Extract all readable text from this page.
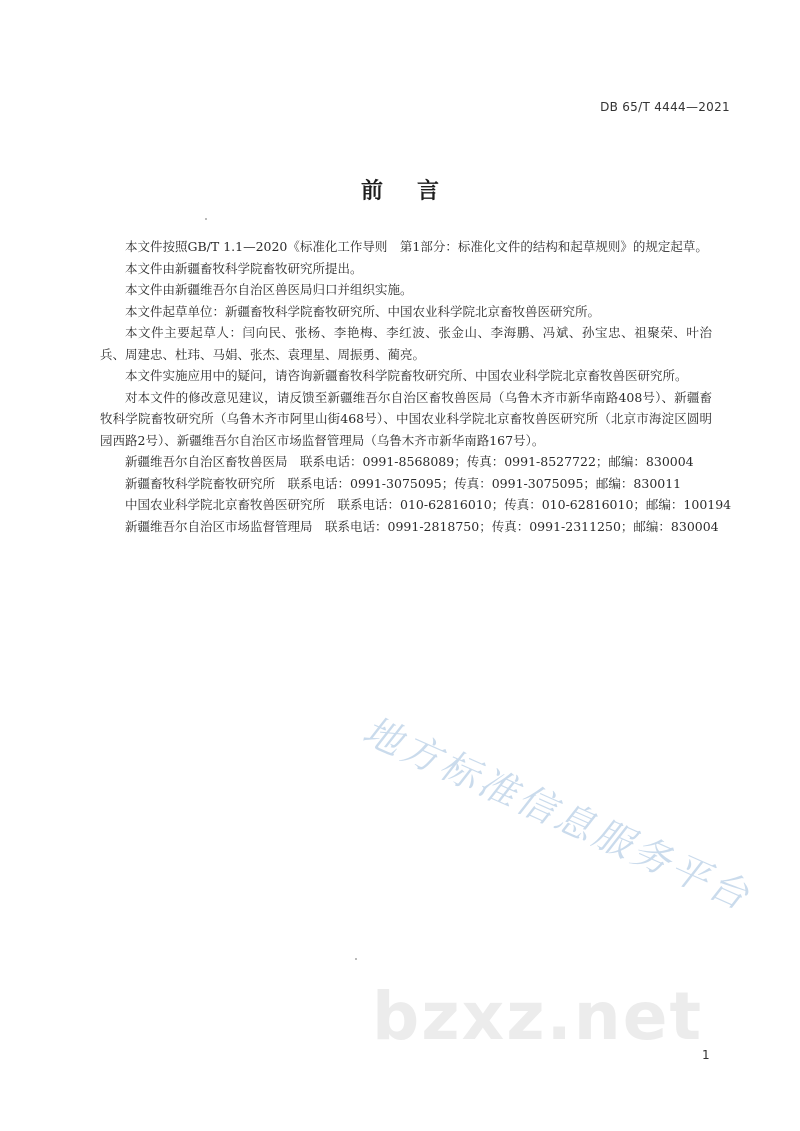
DB 65/T 4444—2021
前言

本文件按照GB/T 1.1—2020《标准化工作导则　第1部分：标准化文件的结构和起草规则》的规定起草。

本文件由新疆畜牧科学院畜牧研究所提出。

本文件由新疆维吾尔自治区兽医局归口并组织实施。

本文件起草单位：新疆畜牧科学院畜牧研究所、中国农业科学院北京畜牧兽医研究所。

本文件主要起草人：闫向民、张杨、李艳梅、李红波、张金山、李海鹏、冯斌、孙宝忠、祖聚荣、叶治兵、周建忠、杜玮、马娟、张杰、袁理星、周振勇、蔺亮。

本文件实施应用中的疑问，请咨询新疆畜牧科学院畜牧研究所、中国农业科学院北京畜牧兽医研究所。

对本文件的修改意见建议，请反馈至新疆维吾尔自治区畜牧兽医局（乌鲁木齐市新华南路408号）、新疆畜牧科学院畜牧研究所（乌鲁木齐市阿里山街468号）、中国农业科学院北京畜牧兽医研究所（北京市海淀区圆明园西路2号）、新疆维吾尔自治区市场监督管理局（乌鲁木齐市新华南路167号）。

新疆维吾尔自治区畜牧兽医局　联系电话：0991-8568089；传真：0991-8527722；邮编：830004

新疆畜牧科学院畜牧研究所　联系电话：0991-3075095；传真：0991-3075095；邮编：830011

中国农业科学院北京畜牧兽医研究所　联系电话：010-62816010；传真：010-62816010；邮编：100194

新疆维吾尔自治区市场监督管理局　联系电话：0991-2818750；传真：0991-2311250；邮编：830004

地方标准信息服务平台
bzxz.net
1
